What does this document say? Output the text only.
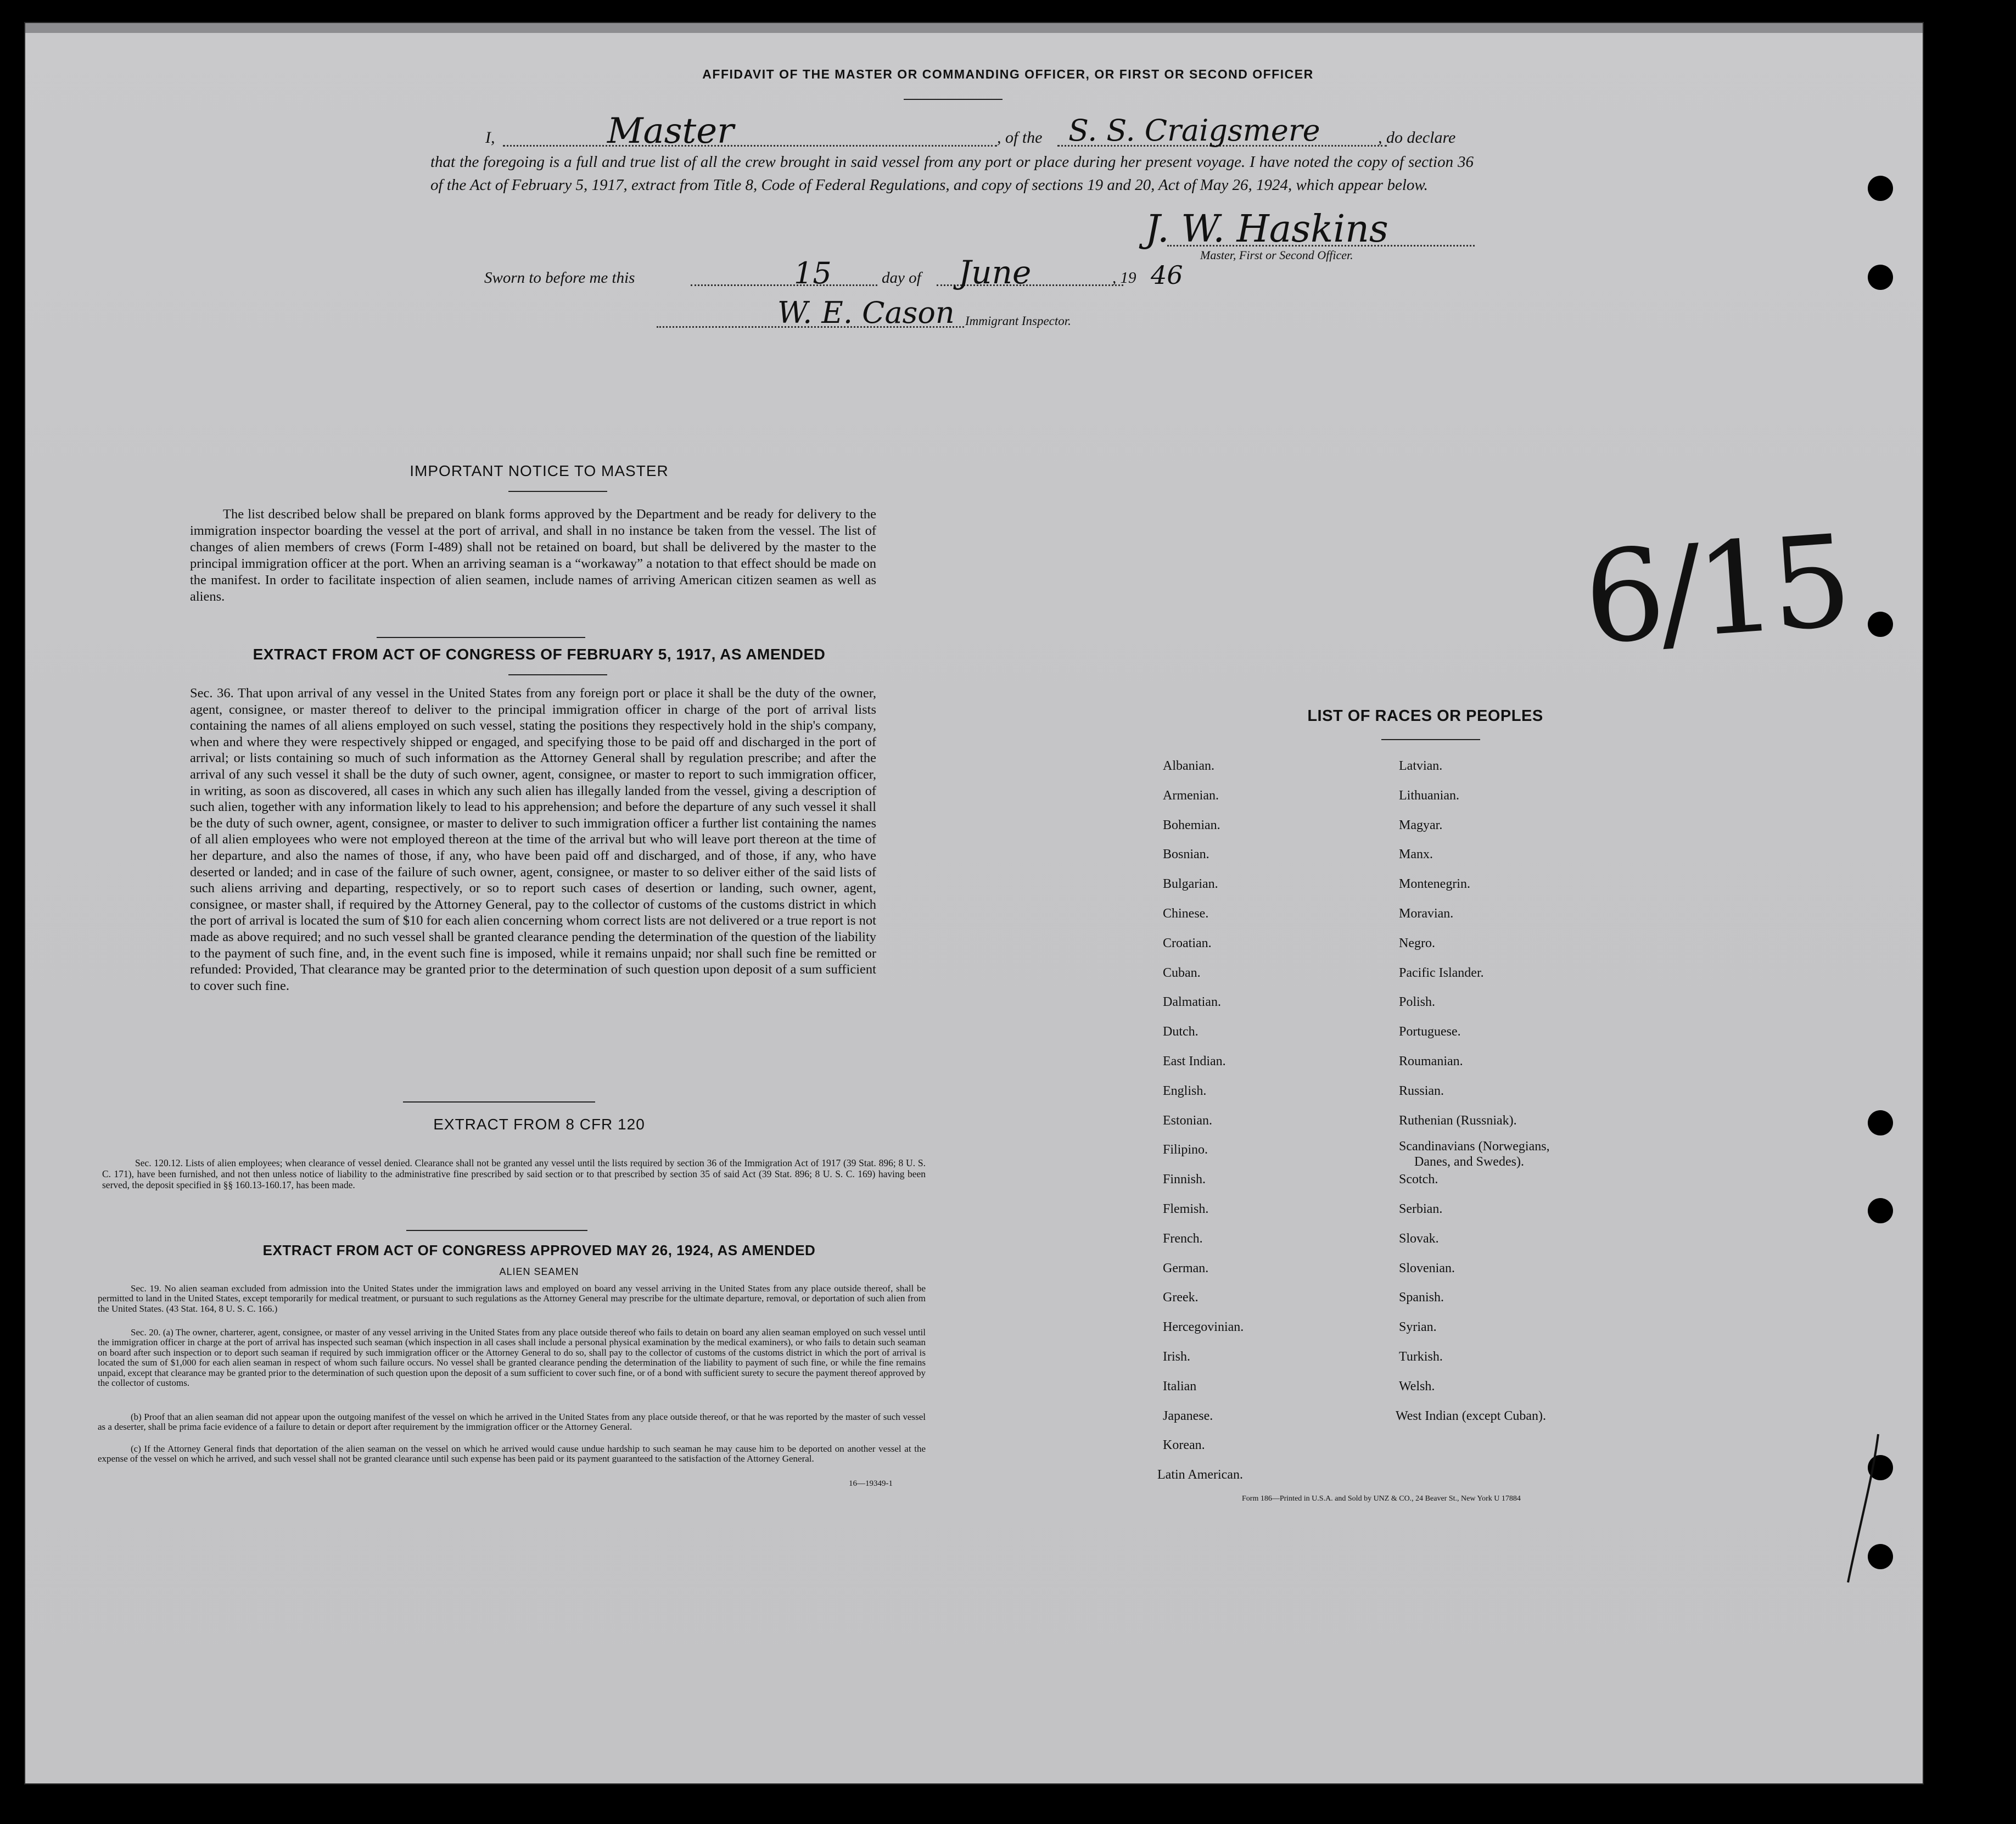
AFFIDAVIT OF THE MASTER OR COMMANDING OFFICER, OR FIRST OR SECOND OFFICER
I,	Master	, of the S. S. Craigsmere	, do declare
that the foregoing is a full and true list of all the crew brought in said vessel from any port or place during her present voyage. I have noted the copy of section 36 of the Act of February 5, 1917, extract from Title 8, Code of Federal Regulations, and copy of sections 19 and 20, Act of May 26, 1924, which appear below.
J. W. Haskins
Master, First or Second Officer.
Sworn to before me this	15	day of June	, 19 46
W. E. Cason Immigrant Inspector.
IMPORTANT NOTICE TO MASTER
The list described below shall be prepared on blank forms approved by the Department and be ready for delivery to the immigration inspector boarding the vessel at the port of arrival, and shall in no instance be taken from the vessel. The list of changes of alien members of crews (Form I-489) shall not be retained on board, but shall be delivered by the master to the principal immigration officer at the port. When an arriving seaman is a “workaway” a notation to that effect should be made on the manifest. In order to facilitate inspection of alien seamen, include names of arriving American citizen seamen as well as aliens.
EXTRACT FROM ACT OF CONGRESS OF FEBRUARY 5, 1917, AS AMENDED
Sec. 36. That upon arrival of any vessel in the United States from any foreign port or place it shall be the duty of the owner, agent, consignee, or master thereof to deliver to the principal immigration officer in charge of the port of arrival lists containing the names of all aliens employed on such vessel, stating the positions they respectively hold in the ship's company, when and where they were respectively shipped or engaged, and specifying those to be paid off and discharged in the port of arrival; or lists containing so much of such information as the Attorney General shall by regulation prescribe; and after the arrival of any such vessel it shall be the duty of such owner, agent, consignee, or master to report to such immigration officer, in writing, as soon as discovered, all cases in which any such alien has illegally landed from the vessel, giving a description of such alien, together with any information likely to lead to his apprehension; and before the departure of any such vessel it shall be the duty of such owner, agent, consignee, or master to deliver to such immigration officer a further list containing the names of all alien employees who were not employed thereon at the time of the arrival but who will leave port thereon at the time of her departure, and also the names of those, if any, who have been paid off and discharged, and of those, if any, who have deserted or landed; and in case of the failure of such owner, agent, consignee, or master to so deliver either of the said lists of such aliens arriving and departing, respectively, or so to report such cases of desertion or landing, such owner, agent, consignee, or master shall, if required by the Attorney General, pay to the collector of customs of the customs district in which the port of arrival is located the sum of $10 for each alien concerning whom correct lists are not delivered or a true report is not made as above required; and no such vessel shall be granted clearance pending the determination of the question of the liability to the payment of such fine, and, in the event such fine is imposed, while it remains unpaid; nor shall such fine be remitted or refunded: Provided, That clearance may be granted prior to the determination of such question upon deposit of a sum sufficient to cover such fine.
EXTRACT FROM 8 CFR 120
Sec. 120.12. Lists of alien employees; when clearance of vessel denied. Clearance shall not be granted any vessel until the lists required by section 36 of the Immigration Act of 1917 (39 Stat. 896; 8 U. S. C. 171), have been furnished, and not then unless notice of liability to the administrative fine prescribed by said section or to that prescribed by section 35 of said Act (39 Stat. 896; 8 U. S. C. 169) having been served, the deposit specified in §§ 160.13-160.17, has been made.
EXTRACT FROM ACT OF CONGRESS APPROVED MAY 26, 1924, AS AMENDED
ALIEN SEAMEN
Sec. 19. No alien seaman excluded from admission into the United States under the immigration laws and employed on board any vessel arriving in the United States from any place outside thereof, shall be permitted to land in the United States, except temporarily for medical treatment, or pursuant to such regulations as the Attorney General may prescribe for the ultimate departure, removal, or deportation of such alien from the United States. (43 Stat. 164, 8 U. S. C. 166.)
Sec. 20. (a) The owner, charterer, agent, consignee, or master of any vessel arriving in the United States from any place outside thereof who fails to detain on board any alien seaman employed on such vessel until the immigration officer in charge at the port of arrival has inspected such seaman (which inspection in all cases shall include a personal physical examination by the medical examiners), or who fails to detain such seaman on board after such inspection or to deport such seaman if required by such immigration officer or the Attorney General to do so, shall pay to the collector of customs of the customs district in which the port of arrival is located the sum of $1,000 for each alien seaman in respect of whom such failure occurs. No vessel shall be granted clearance pending the determination of the liability to payment of such fine, or while the fine remains unpaid, except that clearance may be granted prior to the determination of such question upon the deposit of a sum sufficient to cover such fine, or of a bond with sufficient surety to secure the payment thereof approved by the collector of customs.
(b) Proof that an alien seaman did not appear upon the outgoing manifest of the vessel on which he arrived in the United States from any place outside thereof, or that he was reported by the master of such vessel as a deserter, shall be prima facie evidence of a failure to detain or deport after requirement by the immigration officer or the Attorney General.
(c) If the Attorney General finds that deportation of the alien seaman on the vessel on which he arrived would cause undue hardship to such seaman he may cause him to be deported on another vessel at the expense of the vessel on which he arrived, and such vessel shall not be granted clearance until such expense has been paid or its payment guaranteed to the satisfaction of the Attorney General.
16—19349-1
6/15
LIST OF RACES OR PEOPLES
Albanian.
Armenian.
Bohemian.
Bosnian.
Bulgarian.
Chinese.
Croatian.
Cuban.
Dalmatian.
Dutch.
East Indian.
English.
Estonian.
Filipino.
Finnish.
Flemish.
French.
German.
Greek.
Hercegovinian.
Irish.
Italian
Japanese.
Korean.
Latin American.
Latvian.
Lithuanian.
Magyar.
Manx.
Montenegrin.
Moravian.
Negro.
Pacific Islander.
Polish.
Portuguese.
Roumanian.
Russian.
Ruthenian (Russniak).
Scandinavians (Norwegians,
Danes, and Swedes).
Scotch.
Serbian.
Slovak.
Slovenian.
Spanish.
Syrian.
Turkish.
Welsh.
West Indian (except Cuban).
Form 186—Printed in U.S.A. and Sold by UNZ & CO., 24 Beaver St., New York U 17884
